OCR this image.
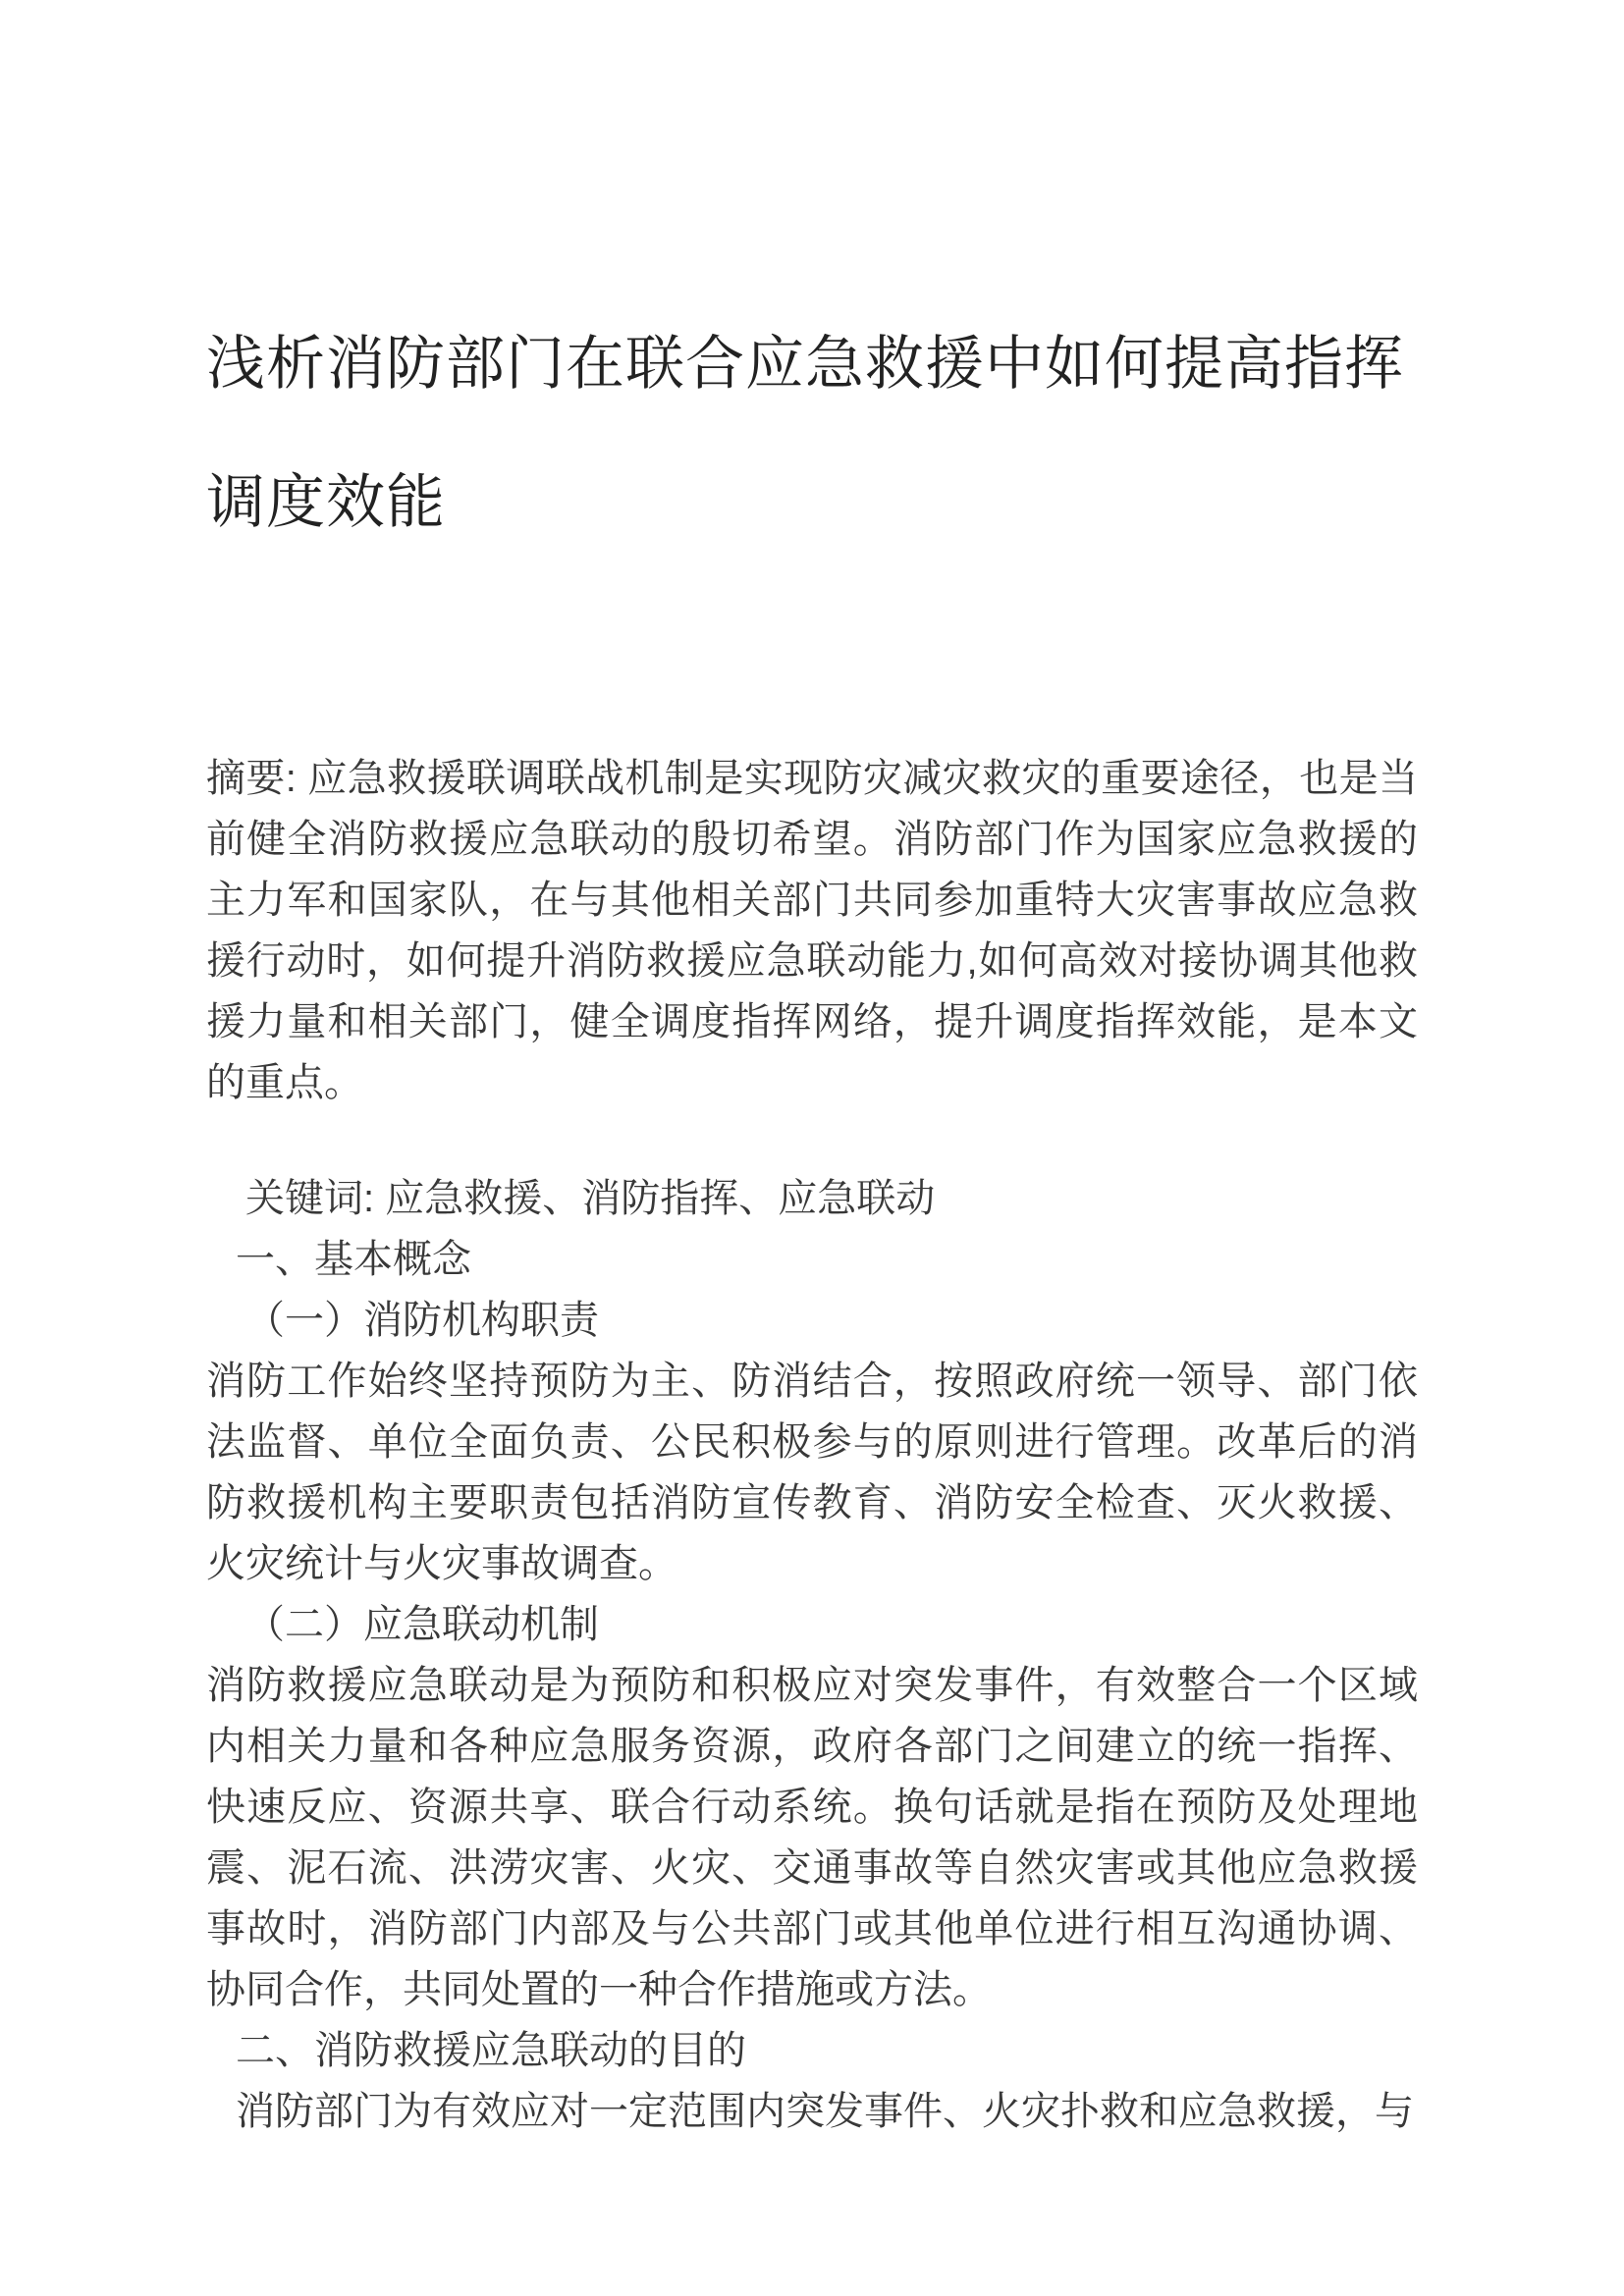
浅析消防部门在联合应急救援中如何提高指挥调度效能

摘要: 应急救援联调联战机制是实现防灾减灾救灾的重要途径，也是当前健全消防救援应急联动的殷切希望。消防部门作为国家应急救援的主力军和国家队，在与其他相关部门共同参加重特大灾害事故应急救援行动时，如何提升消防救援应急联动能力,如何高效对接协调其他救援力量和相关部门，健全调度指挥网络，提升调度指挥效能，是本文的重点。

关键词: 应急救援、消防指挥、应急联动

一、基本概念

（一）消防机构职责

消防工作始终坚持预防为主、防消结合，按照政府统一领导、部门依法监督、单位全面负责、公民积极参与的原则进行管理。改革后的消防救援机构主要职责包括消防宣传教育、消防安全检查、灭火救援、火灾统计与火灾事故调查。

（二）应急联动机制

消防救援应急联动是为预防和积极应对突发事件，有效整合一个区域内相关力量和各种应急服务资源，政府各部门之间建立的统一指挥、快速反应、资源共享、联合行动系统。换句话就是指在预防及处理地震、泥石流、洪涝灾害、火灾、交通事故等自然灾害或其他应急救援事故时，消防部门内部及与公共部门或其他单位进行相互沟通协调、协同合作，共同处置的一种合作措施或方法。

二、消防救援应急联动的目的

消防部门为有效应对一定范围内突发事件、火灾扑救和应急救援，与
